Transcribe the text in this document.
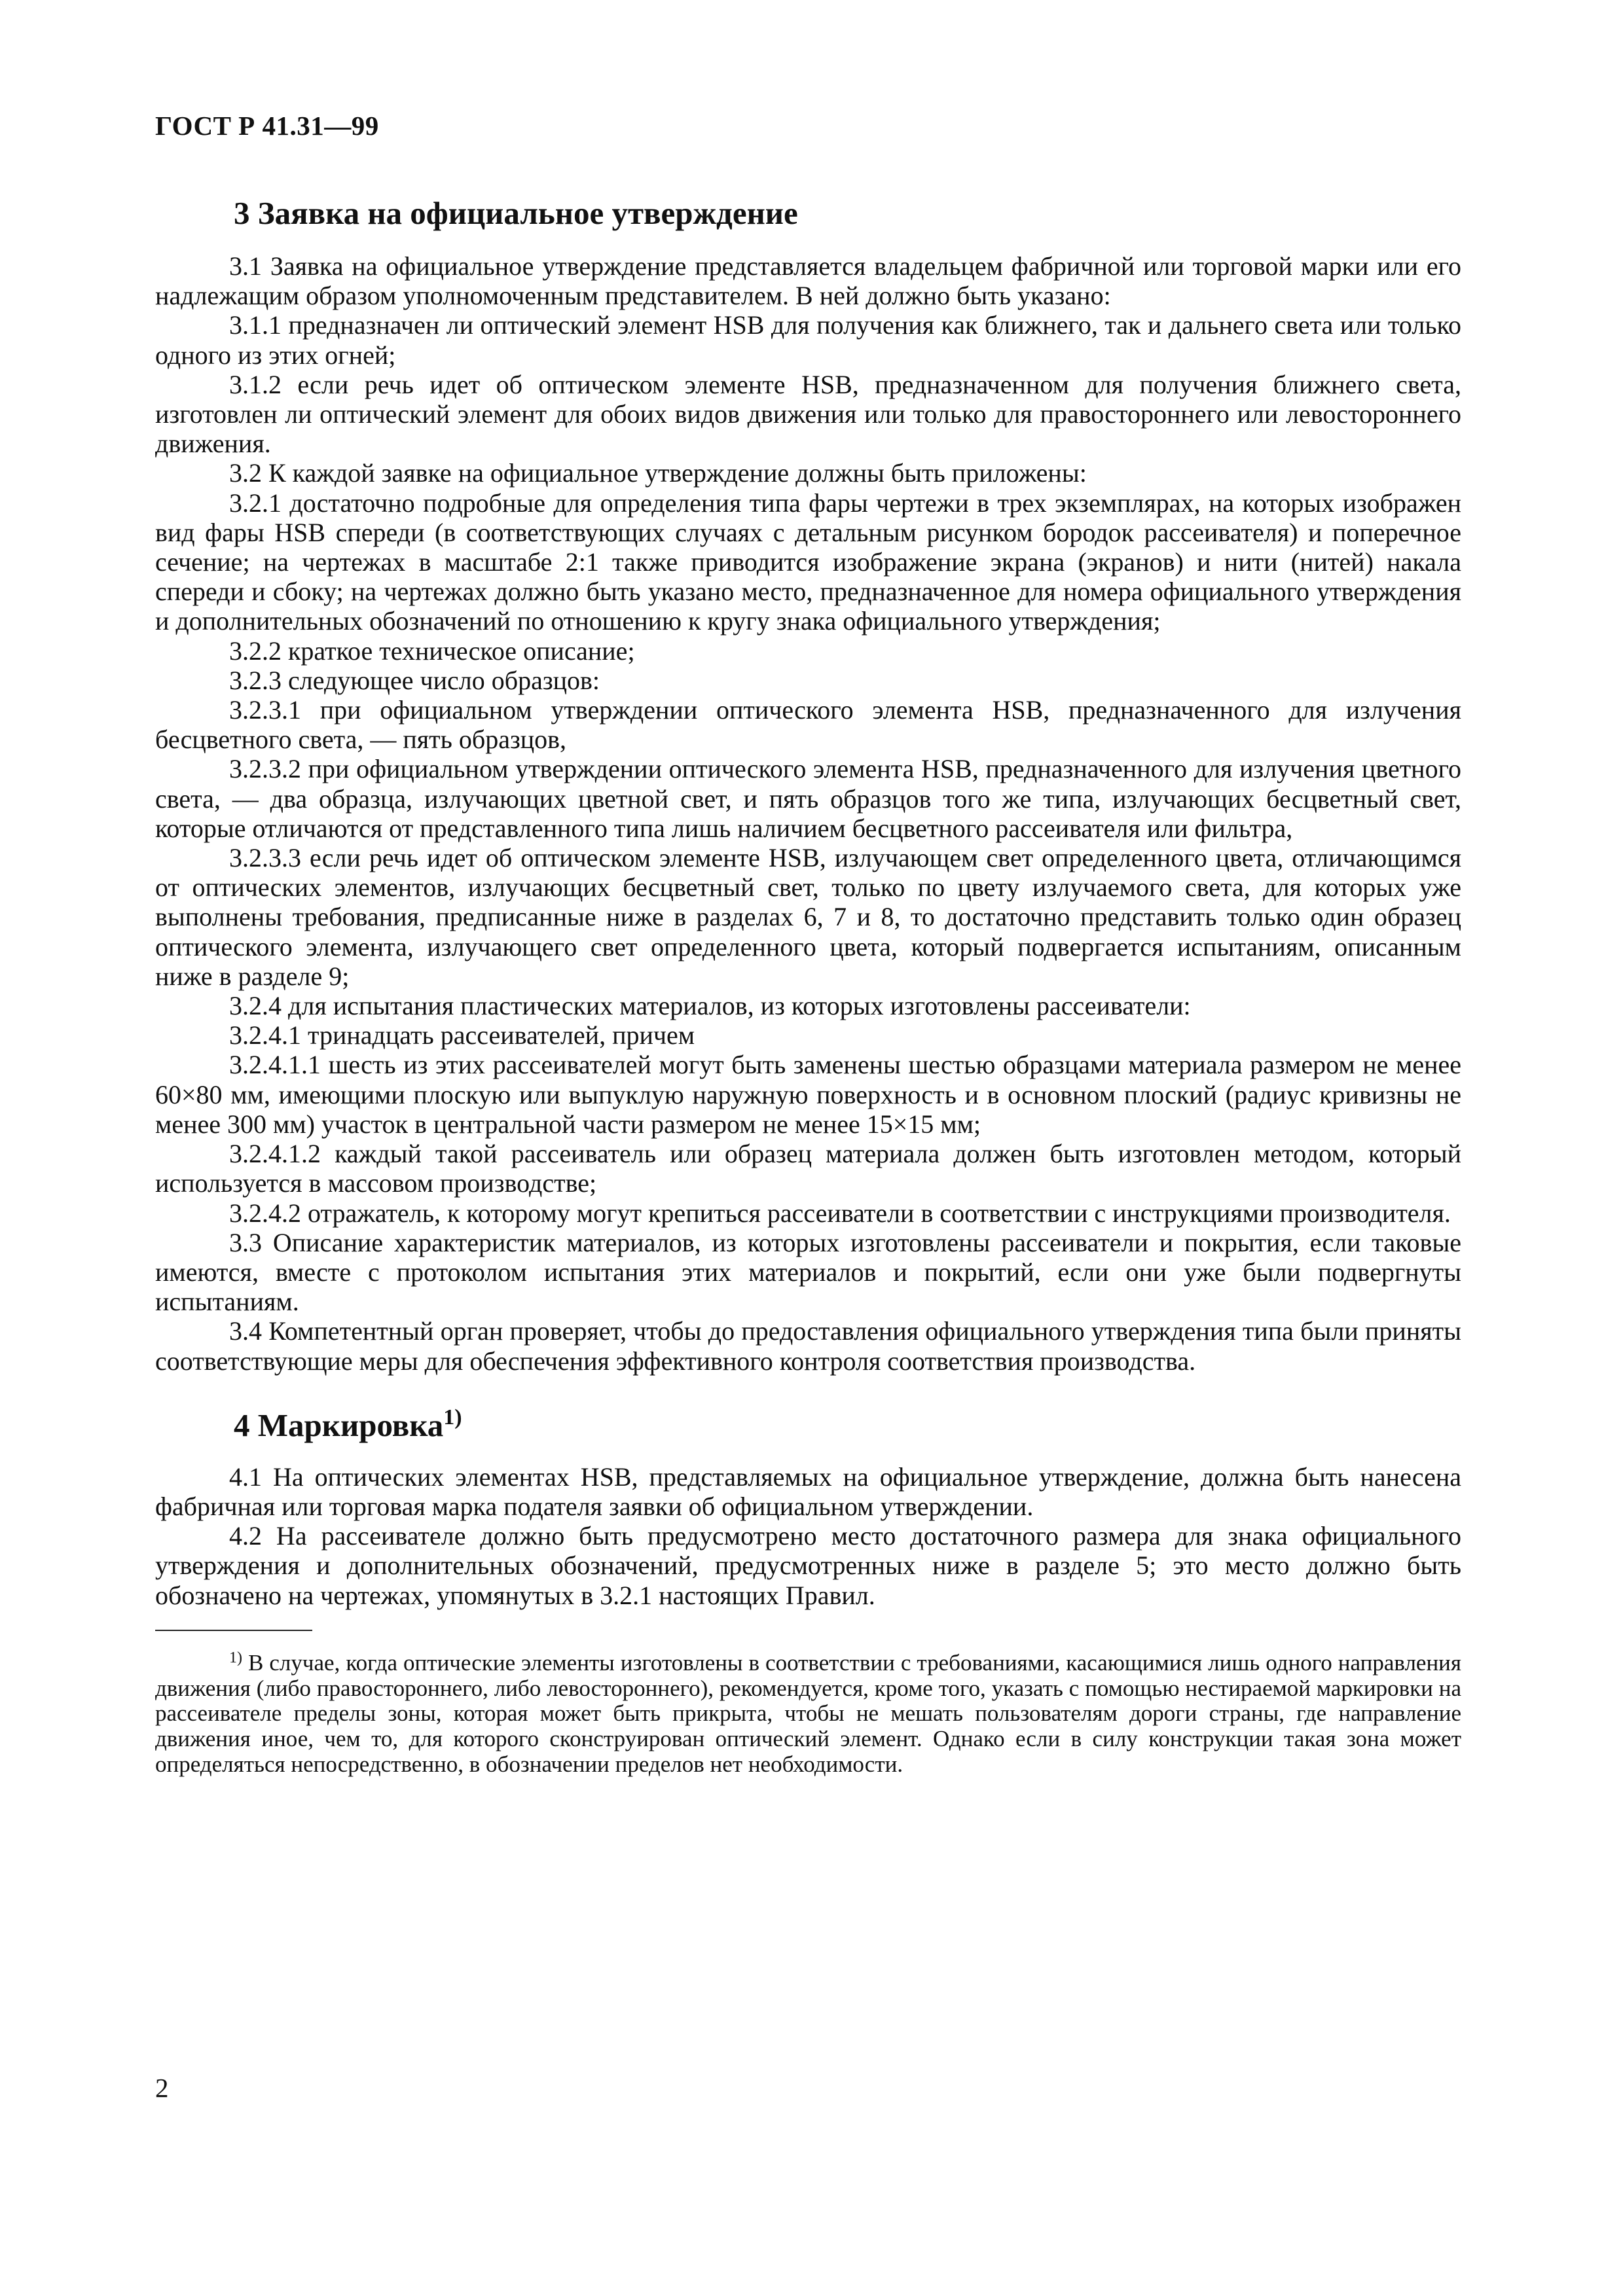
ГОСТ Р 41.31—99
3 Заявка на официальное утверждение

3.1 Заявка на официальное утверждение представляется владельцем фабричной или торговой марки или его надлежащим образом уполномоченным представителем. В ней должно быть указано:

3.1.1 предназначен ли оптический элемент HSB для получения как ближнего, так и дальнего света или только одного из этих огней;

3.1.2 если речь идет об оптическом элементе HSB, предназначенном для получения ближнего света, изготовлен ли оптический элемент для обоих видов движения или только для правостороннего или левостороннего движения.

3.2 К каждой заявке на официальное утверждение должны быть приложены:

3.2.1 достаточно подробные для определения типа фары чертежи в трех экземплярах, на которых изображен вид фары HSB спереди (в соответствующих случаях с детальным рисунком бородок рассеивателя) и поперечное сечение; на чертежах в масштабе 2:1 также приводится изображение экрана (экранов) и нити (нитей) накала спереди и сбоку; на чертежах должно быть указано место, предназначенное для номера официального утверждения и дополнительных обозначений по отношению к кругу знака официального утверждения;

3.2.2 краткое техническое описание;

3.2.3 следующее число образцов:

3.2.3.1 при официальном утверждении оптического элемента HSB, предназначенного для излучения бесцветного света, — пять образцов,

3.2.3.2 при официальном утверждении оптического элемента HSB, предназначенного для излучения цветного света, — два образца, излучающих цветной свет, и пять образцов того же типа, излучающих бесцветный свет, которые отличаются от представленного типа лишь наличием бесцветного рассеивателя или фильтра,

3.2.3.3 если речь идет об оптическом элементе HSB, излучающем свет определенного цвета, отличающимся от оптических элементов, излучающих бесцветный свет, только по цвету излучаемого света, для которых уже выполнены требования, предписанные ниже в разделах 6, 7 и 8, то достаточно представить только один образец оптического элемента, излучающего свет определенного цвета, который подвергается испытаниям, описанным ниже в разделе 9;

3.2.4 для испытания пластических материалов, из которых изготовлены рассеиватели:

3.2.4.1 тринадцать рассеивателей, причем

3.2.4.1.1 шесть из этих рассеивателей могут быть заменены шестью образцами материала размером не менее 60×80 мм, имеющими плоскую или выпуклую наружную поверхность и в основном плоский (радиус кривизны не менее 300 мм) участок в центральной части размером не менее 15×15 мм;

3.2.4.1.2 каждый такой рассеиватель или образец материала должен быть изготовлен методом, который используется в массовом производстве;

3.2.4.2 отражатель, к которому могут крепиться рассеиватели в соответствии с инструкциями производителя.

3.3 Описание характеристик материалов, из которых изготовлены рассеиватели и покрытия, если таковые имеются, вместе с протоколом испытания этих материалов и покрытий, если они уже были подвергнуты испытаниям.

3.4 Компетентный орган проверяет, чтобы до предоставления официального утверждения типа были приняты соответствующие меры для обеспечения эффективного контроля соответствия производства.

4 Маркировка$^{1)}$

4.1 На оптических элементах HSB, представляемых на официальное утверждение, должна быть нанесена фабричная или торговая марка подателя заявки об официальном утверждении.

4.2 На рассеивателе должно быть предусмотрено место достаточного размера для знака официального утверждения и дополнительных обозначений, предусмотренных ниже в разделе 5; это место должно быть обозначено на чертежах, упомянутых в 3.2.1 настоящих Правил.

$^{1)}$ В случае, когда оптические элементы изготовлены в соответствии с требованиями, касающимися лишь одного направления движения (либо правостороннего, либо левостороннего), рекомендуется, кроме того, указать с помощью нестираемой маркировки на рассеивателе пределы зоны, которая может быть прикрыта, чтобы не мешать пользователям дороги страны, где направление движения иное, чем то, для которого сконструирован оптический элемент. Однако если в силу конструкции такая зона может определяться непосредственно, в обозначении пределов нет необходимости.

2
